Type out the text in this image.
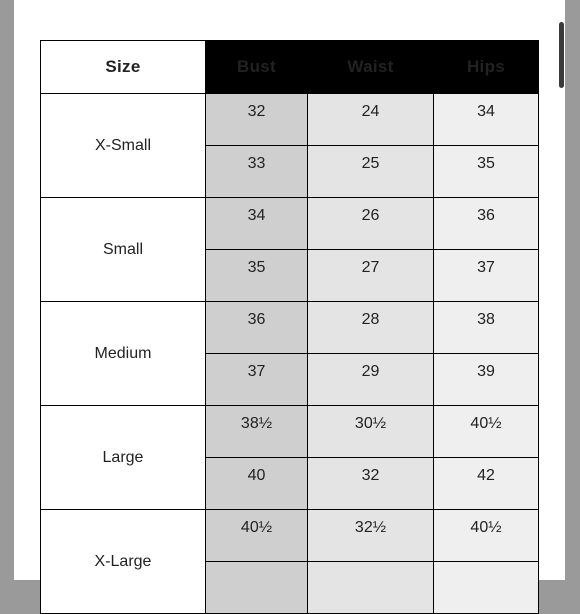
Size	Bust	Waist	Hips
X-Small	32	24	34
	33	25	35
Small	34	26	36
	35	27	37
Medium	36	28	38
	37	29	39
Large	38½	30½	40½
	40	32	42
X-Large	40½	32½	40½
